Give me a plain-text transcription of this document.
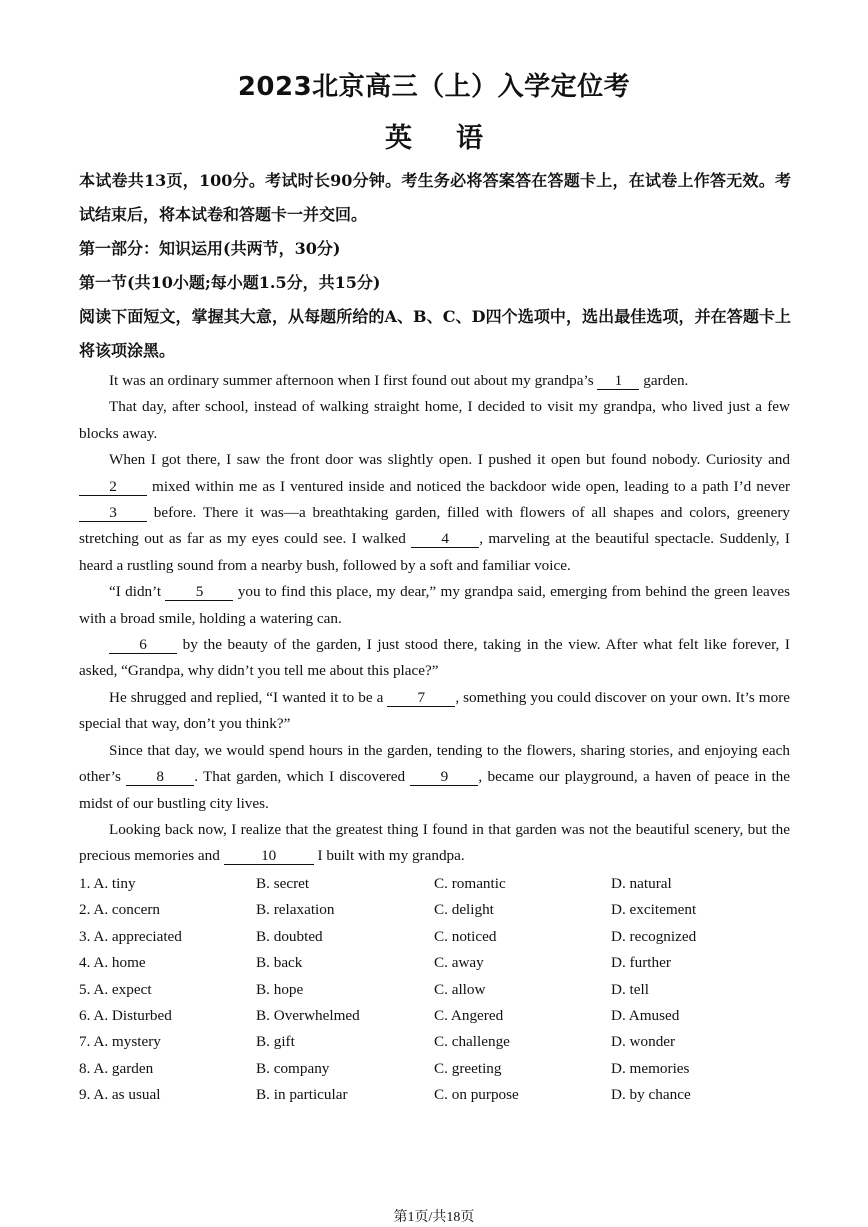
2023北京高三（上）入学定位考
英语
本试卷共13页，100分。考试时长90分钟。考生务必将答案答在答题卡上，在试卷上作答无效。考试结束后，将本试卷和答题卡一并交回。
第一部分：知识运用(共两节，30分)
第一节(共10小题;每小题1.5分，共15分)
阅读下面短文，掌握其大意，从每题所给的A、B、C、D四个选项中，选出最佳选项，并在答题卡上将该项涂黑。

It was an ordinary summer afternoon when I first found out about my grandpa’s 1 garden.

That day, after school, instead of walking straight home, I decided to visit my grandpa, who lived just a few blocks away.

When I got there, I saw the front door was slightly open. I pushed it open but found nobody. Curiosity and 2 mixed within me as I ventured inside and noticed the backdoor wide open, leading to a path I’d never 3 before. There it was—a breathtaking garden, filled with flowers of all shapes and colors, greenery stretching out as far as my eyes could see. I walked 4 , marveling at the beautiful spectacle. Suddenly, I heard a rustling sound from a nearby bush, followed by a soft and familiar voice.

“I didn’t 5 you to find this place, my dear,” my grandpa said, emerging from behind the green leaves with a broad smile, holding a watering can.

6 by the beauty of the garden, I just stood there, taking in the view. After what felt like forever, I asked, “Grandpa, why didn’t you tell me about this place?”

He shrugged and replied, “I wanted it to be a 7 , something you could discover on your own. It’s more special that way, don’t you think?”

Since that day, we would spend hours in the garden, tending to the flowers, sharing stories, and enjoying each other’s 8 . That garden, which I discovered 9 , became our playground, a haven of peace in the midst of our bustling city lives.

Looking back now, I realize that the greatest thing I found in that garden was not the beautiful scenery, but the precious memories and 10 I built with my grandpa.

1. A. tiny	B. secret	C. romantic	D. natural
2. A. concern	B. relaxation	C. delight	D. excitement
3. A. appreciated	B. doubted	C. noticed	D. recognized
4. A. home	B. back	C. away	D. further
5. A. expect	B. hope	C. allow	D. tell
6. A. Disturbed	B. Overwhelmed	C. Angered	D. Amused
7. A. mystery	B. gift	C. challenge	D. wonder
8. A. garden	B. company	C. greeting	D. memories
9. A. as usual	B. in particular	C. on purpose	D. by chance
第1页/共18页
